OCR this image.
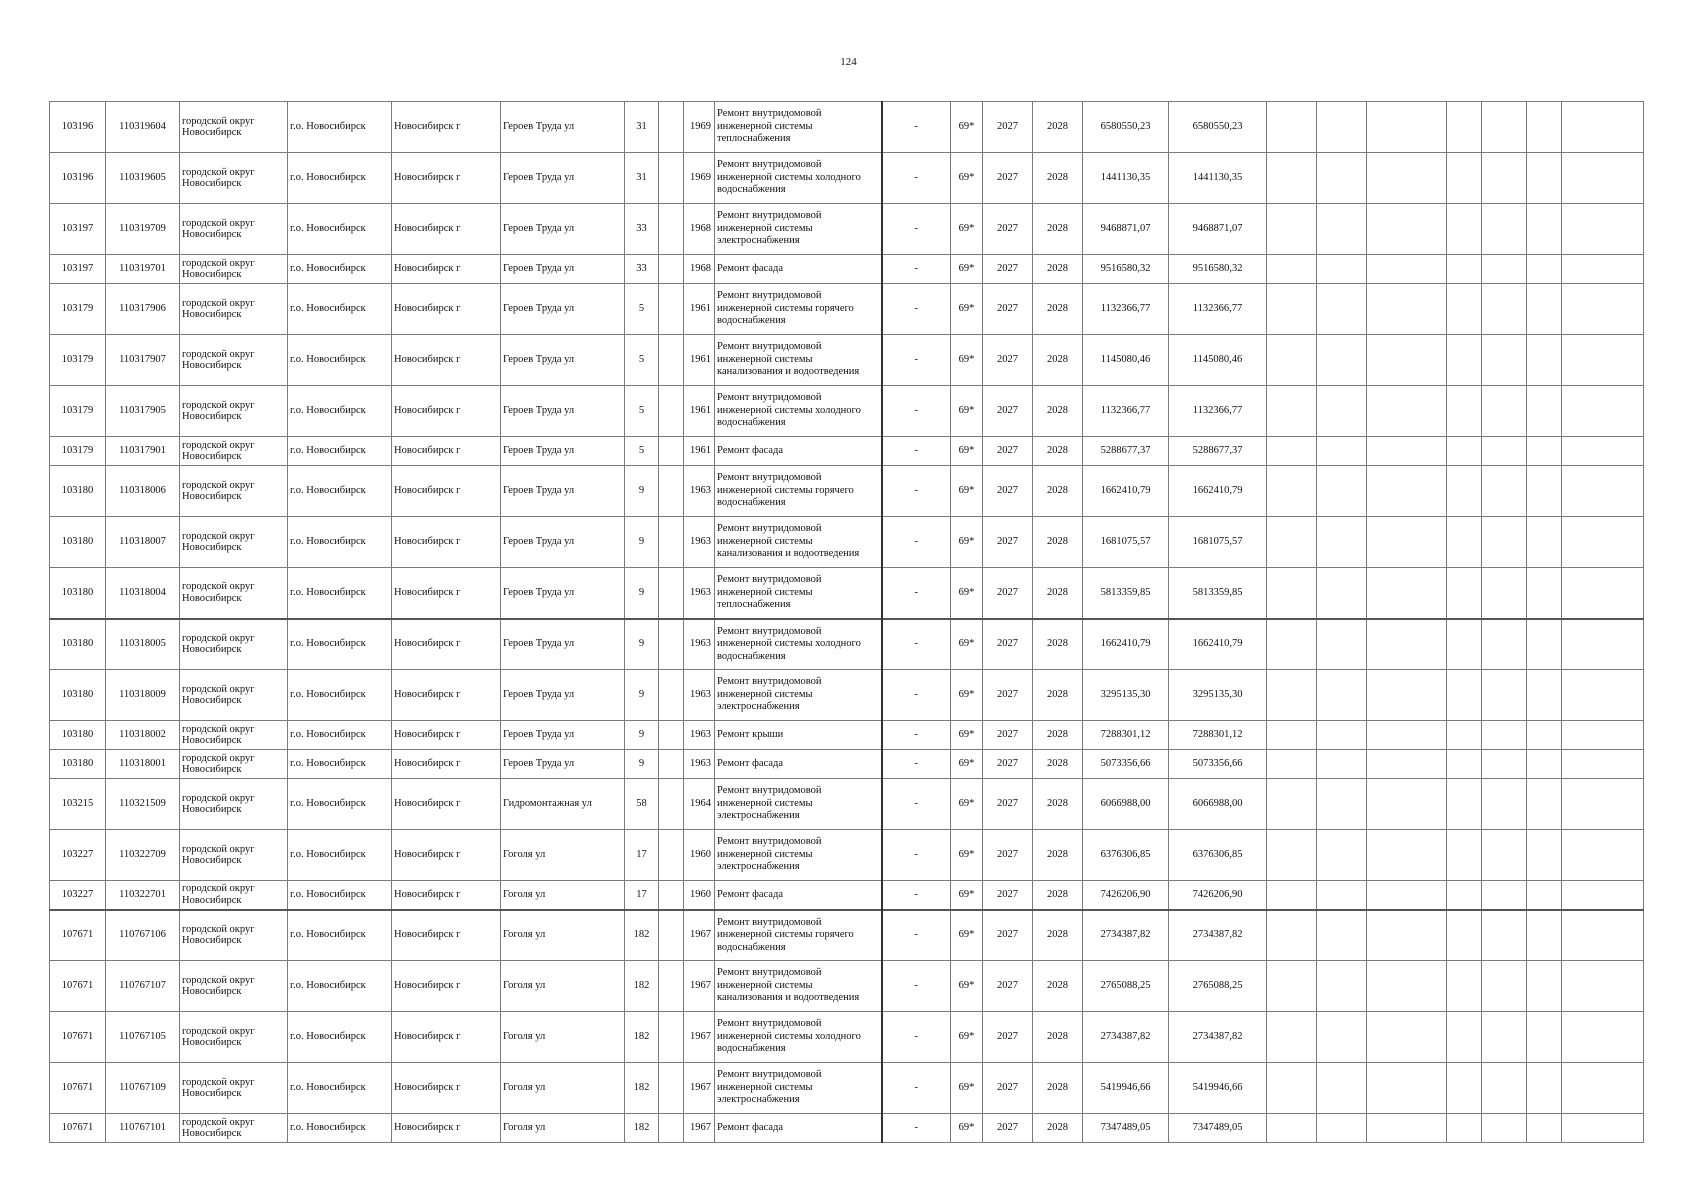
124
103196	110319604	городской округ Новосибирск	г.о. Новосибирск	Новосибирск г	Героев Труда ул	31		1969	Ремонт внутридомовой инженерной системы теплоснабжения	-	69*	2027	2028	6580550,23	6580550,23							
103196	110319605	городской округ Новосибирск	г.о. Новосибирск	Новосибирск г	Героев Труда ул	31		1969	Ремонт внутридомовой инженерной системы холодного водоснабжения	-	69*	2027	2028	1441130,35	1441130,35							
103197	110319709	городской округ Новосибирск	г.о. Новосибирск	Новосибирск г	Героев Труда ул	33		1968	Ремонт внутридомовой инженерной системы электроснабжения	-	69*	2027	2028	9468871,07	9468871,07							
103197	110319701	городской округ Новосибирск	г.о. Новосибирск	Новосибирск г	Героев Труда ул	33		1968	Ремонт фасада	-	69*	2027	2028	9516580,32	9516580,32							
103179	110317906	городской округ Новосибирск	г.о. Новосибирск	Новосибирск г	Героев Труда ул	5		1961	Ремонт внутридомовой инженерной системы горячего водоснабжения	-	69*	2027	2028	1132366,77	1132366,77							
103179	110317907	городской округ Новосибирск	г.о. Новосибирск	Новосибирск г	Героев Труда ул	5		1961	Ремонт внутридомовой инженерной системы канализования и водоотведения	-	69*	2027	2028	1145080,46	1145080,46							
103179	110317905	городской округ Новосибирск	г.о. Новосибирск	Новосибирск г	Героев Труда ул	5		1961	Ремонт внутридомовой инженерной системы холодного водоснабжения	-	69*	2027	2028	1132366,77	1132366,77							
103179	110317901	городской округ Новосибирск	г.о. Новосибирск	Новосибирск г	Героев Труда ул	5		1961	Ремонт фасада	-	69*	2027	2028	5288677,37	5288677,37							
103180	110318006	городской округ Новосибирск	г.о. Новосибирск	Новосибирск г	Героев Труда ул	9		1963	Ремонт внутридомовой инженерной системы горячего водоснабжения	-	69*	2027	2028	1662410,79	1662410,79							
103180	110318007	городской округ Новосибирск	г.о. Новосибирск	Новосибирск г	Героев Труда ул	9		1963	Ремонт внутридомовой инженерной системы канализования и водоотведения	-	69*	2027	2028	1681075,57	1681075,57							
103180	110318004	городской округ Новосибирск	г.о. Новосибирск	Новосибирск г	Героев Труда ул	9		1963	Ремонт внутридомовой инженерной системы теплоснабжения	-	69*	2027	2028	5813359,85	5813359,85							
103180	110318005	городской округ Новосибирск	г.о. Новосибирск	Новосибирск г	Героев Труда ул	9		1963	Ремонт внутридомовой инженерной системы холодного водоснабжения	-	69*	2027	2028	1662410,79	1662410,79							
103180	110318009	городской округ Новосибирск	г.о. Новосибирск	Новосибирск г	Героев Труда ул	9		1963	Ремонт внутридомовой инженерной системы электроснабжения	-	69*	2027	2028	3295135,30	3295135,30							
103180	110318002	городской округ Новосибирск	г.о. Новосибирск	Новосибирск г	Героев Труда ул	9		1963	Ремонт крыши	-	69*	2027	2028	7288301,12	7288301,12							
103180	110318001	городской округ Новосибирск	г.о. Новосибирск	Новосибирск г	Героев Труда ул	9		1963	Ремонт фасада	-	69*	2027	2028	5073356,66	5073356,66							
103215	110321509	городской округ Новосибирск	г.о. Новосибирск	Новосибирск г	Гидромонтажная ул	58		1964	Ремонт внутридомовой инженерной системы электроснабжения	-	69*	2027	2028	6066988,00	6066988,00							
103227	110322709	городской округ Новосибирск	г.о. Новосибирск	Новосибирск г	Гоголя ул	17		1960	Ремонт внутридомовой инженерной системы электроснабжения	-	69*	2027	2028	6376306,85	6376306,85							
103227	110322701	городской округ Новосибирск	г.о. Новосибирск	Новосибирск г	Гоголя ул	17		1960	Ремонт фасада	-	69*	2027	2028	7426206,90	7426206,90							
107671	110767106	городской округ Новосибирск	г.о. Новосибирск	Новосибирск г	Гоголя ул	182		1967	Ремонт внутридомовой инженерной системы горячего водоснабжения	-	69*	2027	2028	2734387,82	2734387,82							
107671	110767107	городской округ Новосибирск	г.о. Новосибирск	Новосибирск г	Гоголя ул	182		1967	Ремонт внутридомовой инженерной системы канализования и водоотведения	-	69*	2027	2028	2765088,25	2765088,25							
107671	110767105	городской округ Новосибирск	г.о. Новосибирск	Новосибирск г	Гоголя ул	182		1967	Ремонт внутридомовой инженерной системы холодного водоснабжения	-	69*	2027	2028	2734387,82	2734387,82							
107671	110767109	городской округ Новосибирск	г.о. Новосибирск	Новосибирск г	Гоголя ул	182		1967	Ремонт внутридомовой инженерной системы электроснабжения	-	69*	2027	2028	5419946,66	5419946,66							
107671	110767101	городской округ Новосибирск	г.о. Новосибирск	Новосибирск г	Гоголя ул	182		1967	Ремонт фасада	-	69*	2027	2028	7347489,05	7347489,05							
